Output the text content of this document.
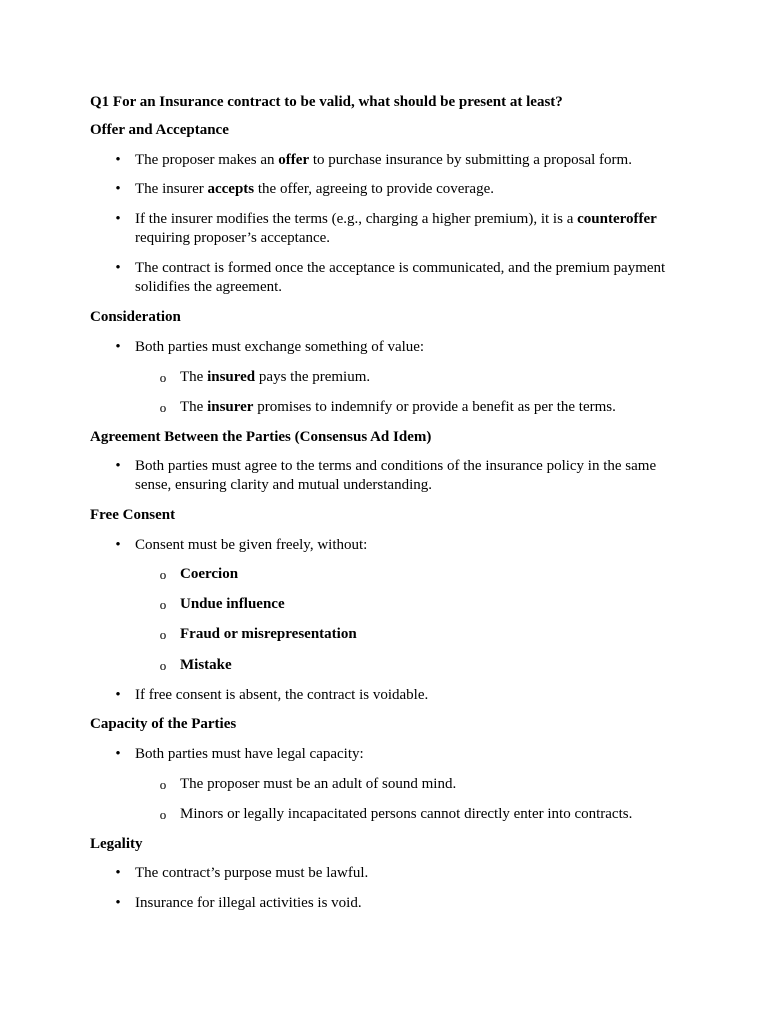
Q1 For an Insurance contract to be valid, what should be present at least?
Offer and Acceptance
• The proposer makes an offer to purchase insurance by submitting a proposal form.
• The insurer accepts the offer, agreeing to provide coverage.
• If the insurer modifies the terms (e.g., charging a higher premium), it is a counteroffer requiring proposer’s acceptance.
• The contract is formed once the acceptance is communicated, and the premium payment solidifies the agreement.
Consideration
• Both parties must exchange something of value:
o The insured pays the premium.
o The insurer promises to indemnify or provide a benefit as per the terms.
Agreement Between the Parties (Consensus Ad Idem)
• Both parties must agree to the terms and conditions of the insurance policy in the same sense, ensuring clarity and mutual understanding.
Free Consent
• Consent must be given freely, without:
o Coercion
o Undue influence
o Fraud or misrepresentation
o Mistake
• If free consent is absent, the contract is voidable.
Capacity of the Parties
• Both parties must have legal capacity:
o The proposer must be an adult of sound mind.
o Minors or legally incapacitated persons cannot directly enter into contracts.
Legality
• The contract’s purpose must be lawful.
• Insurance for illegal activities is void.
